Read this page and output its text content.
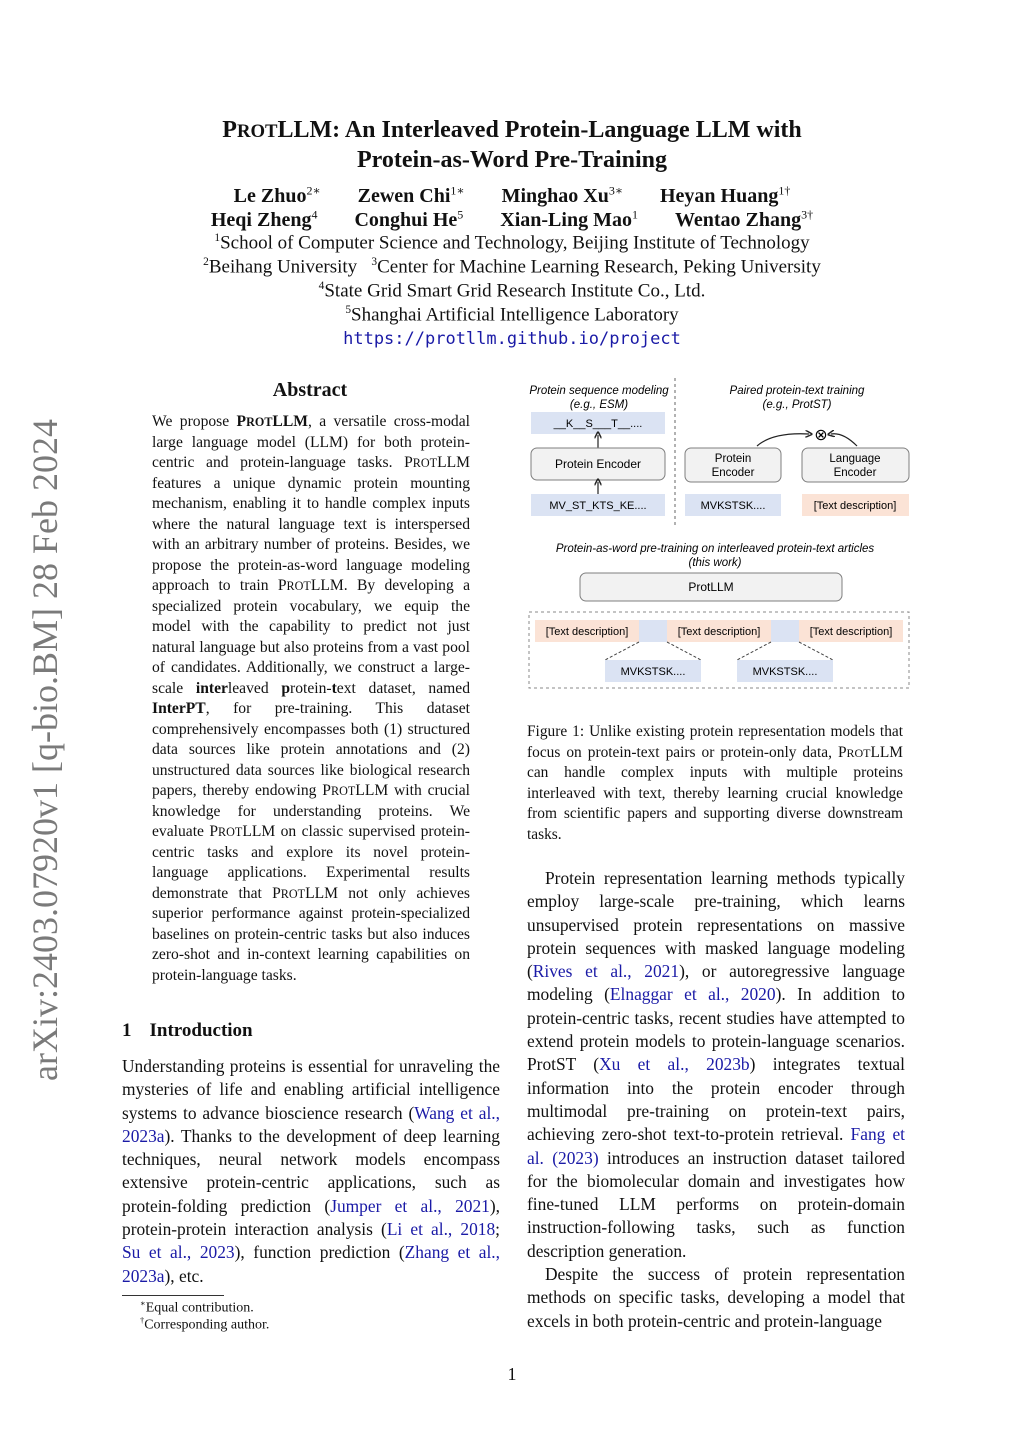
arXiv:2403.07920v1 [q-bio.BM] 28 Feb 2024
PROTLLM: An Interleaved Protein-Language LLM with
Protein-as-Word Pre-Training
Le Zhuo$^{2∗}$ Zewen Chi$^{1∗}$ Minghao $Xu^{3∗}$ Heyan Huang$^{1\dagger}$
Heqi Zheng$^4$ Conghui He$^5$ Xian-Ling Mao$^1$ Wentao Zhang$^{3\dagger}$
$^1$School of Computer Science and Technology, Beijing Institute of Technology
$^2$Beihang University $^3$Center for Machine Learning Research, Peking University
$^4$State Grid Smart Grid Research Institute Co., Ltd.
$^5$Shanghai Artificial Intelligence Laboratory
https://protllm.github.io/project
Abstract
We propose PROTLLM, a versatile cross-modal large language model (LLM) for both protein-centric and protein-language tasks. PROTLLM features a unique dynamic protein mounting mechanism, enabling it to handle complex inputs where the natural language text is interspersed with an arbitrary number of proteins. Besides, we propose the protein-as-word language modeling approach to train PROTLLM. By developing a specialized protein vocabulary, we equip the model with the capability to predict not just natural language but also proteins from a vast pool of candidates. Additionally, we construct a large-scale interleaved protein-text dataset, named InterPT, for pre-training. This dataset comprehensively encompasses both (1) structured data sources like protein annotations and (2) unstructured data sources like biological research papers, thereby endowing PROTLLM with crucial knowledge for understanding proteins. We evaluate PROTLLM on classic supervised protein-centric tasks and explore its novel protein-language applications. Experimental results demonstrate that PROTLLM not only achieves superior performance against protein-specialized baselines on protein-centric tasks but also induces zero-shot and in-context learning capabilities on protein-language tasks.
1 Introduction
Understanding proteins is essential for unraveling the mysteries of life and enabling artificial intelligence systems to advance bioscience research (Wang et al., 2023a). Thanks to the development of deep learning techniques, neural network models encompass extensive protein-centric applications, such as protein-folding prediction (Jumper et al., 2021), protein-protein interaction analysis (Li et al., 2018; Su et al., 2023), function prediction (Zhang et al., 2023a), etc.
∗Equal contribution.
†Corresponding author.
Protein sequence modeling
(e.g., ESM)
__K__S___T__....
Protein Encoder
MV_ST_KTS_KE....
Paired protein-text training
(e.g., ProtST)
⊗
Protein
Encoder
Language
Encoder
MVKSTSK....	[Text description]
Protein-as-word pre-training on interleaved protein-text articles
(this work)
ProtLLM
[Text description]	[Text description]	[Text description]
MVKSTSK....	MVKSTSK....
Figure 1: Unlike existing protein representation models that focus on protein-text pairs or protein-only data, PROTLLM can handle complex inputs with multiple proteins interleaved with text, thereby learning crucial knowledge from scientific papers and supporting diverse downstream tasks.

Protein representation learning methods typically employ large-scale pre-training, which learns unsupervised protein representations on massive protein sequences with masked language modeling (Rives et al., 2021), or autoregressive language modeling (Elnaggar et al., 2020). In addition to protein-centric tasks, recent studies have attempted to extend protein models to protein-language scenarios. ProtST (Xu et al., 2023b) integrates textual information into the protein encoder through multimodal pre-training on protein-text pairs, achieving zero-shot text-to-protein retrieval. Fang et al. (2023) introduces an instruction dataset tailored for the biomolecular domain and investigates how fine-tuned LLM performs on protein-domain instruction-following tasks, such as function description generation.

Despite the success of protein representation methods on specific tasks, developing a model that excels in both protein-centric and protein-language

1
